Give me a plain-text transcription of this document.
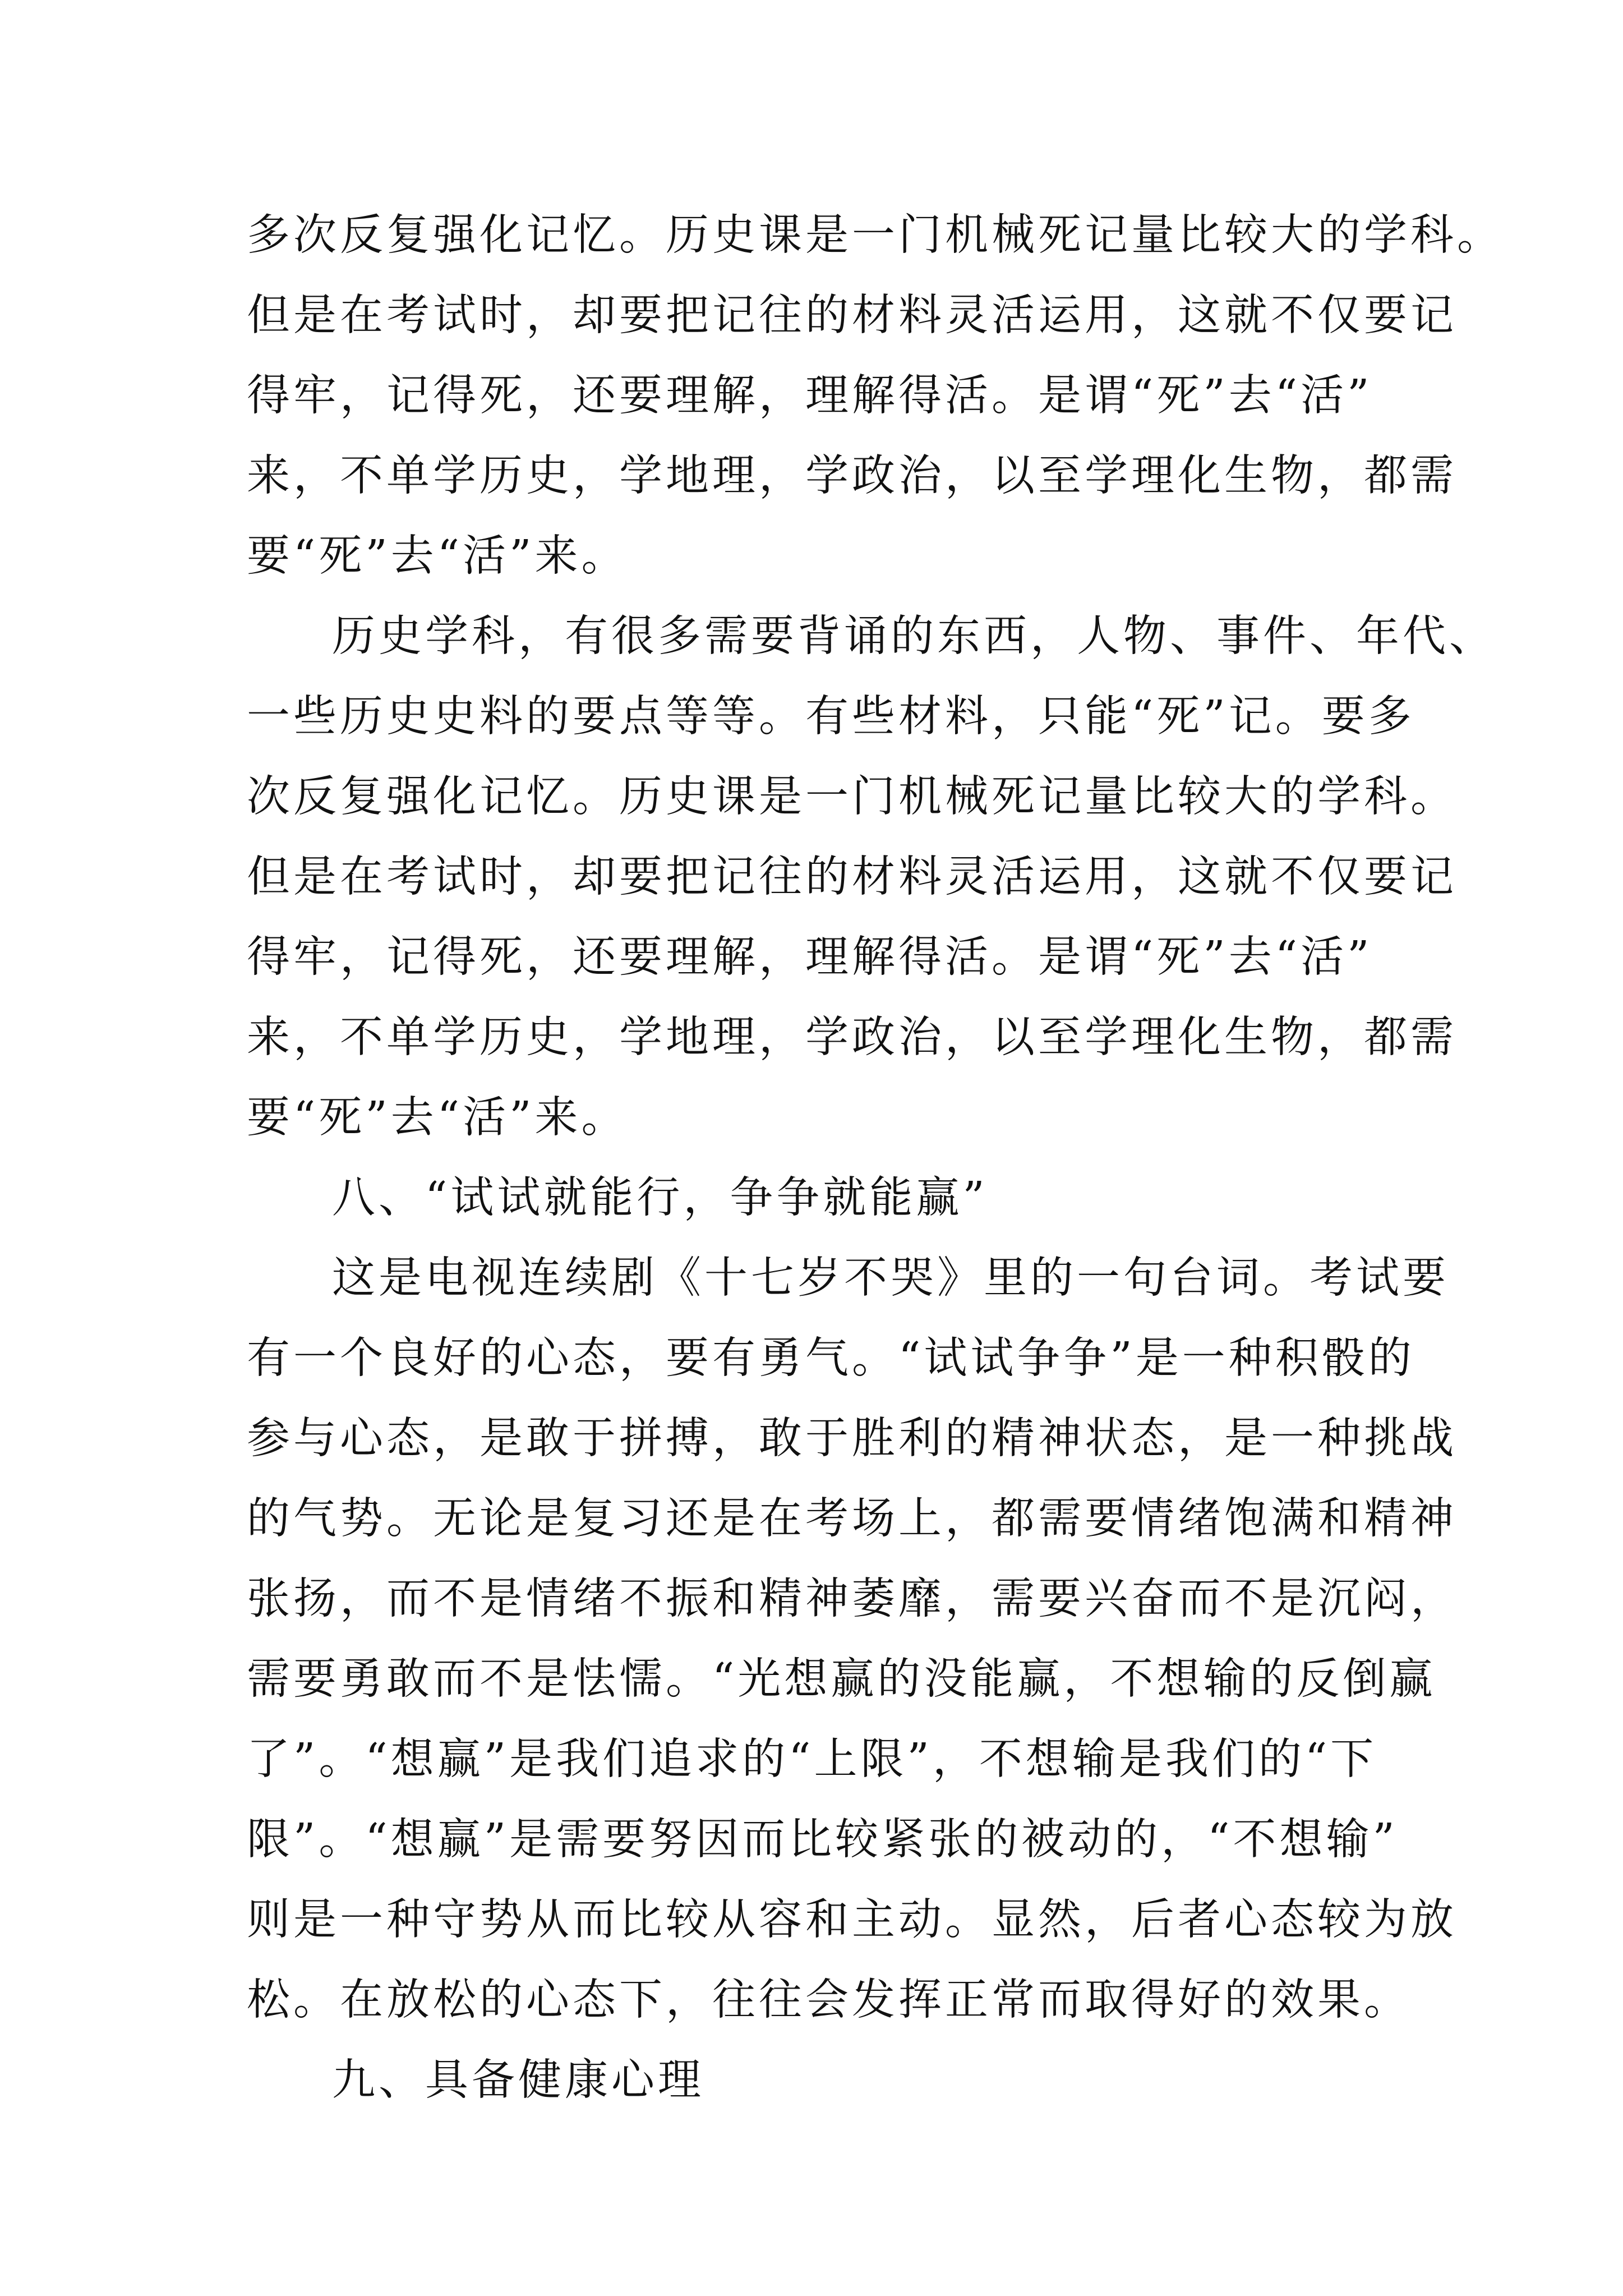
多次反复强化记忆。历史课是一门机械死记量比较大的学科。
但是在考试时，却要把记往的材料灵活运用，这就不仅要记
得牢，记得死，还要理解，理解得活。是谓“死”去“活”
来，不单学历史，学地理，学政治，以至学理化生物，都需
要“死”去“活”来。
历史学科，有很多需要背诵的东西，人物、事件、年代、
一些历史史料的要点等等。有些材料，只能“死”记。要多
次反复强化记忆。历史课是一门机械死记量比较大的学科。
但是在考试时，却要把记往的材料灵活运用，这就不仅要记
得牢，记得死，还要理解，理解得活。是谓“死”去“活”
来，不单学历史，学地理，学政治，以至学理化生物，都需
要“死”去“活”来。
八、“试试就能行，争争就能赢”
这是电视连续剧《十七岁不哭》里的一句台词。考试要
有一个良好的心态，要有勇气。“试试争争”是一种积骰的
参与心态，是敢于拼搏，敢于胜利的精神状态，是一种挑战
的气势。无论是复习还是在考场上，都需要情绪饱满和精神
张扬，而不是情绪不振和精神萎靡，需要兴奋而不是沉闷，
需要勇敢而不是怯懦。“光想赢的没能赢，不想输的反倒赢
了”。“想赢”是我们追求的“上限”，不想输是我们的“下
限”。“想赢”是需要努因而比较紧张的被动的，“不想输”
则是一种守势从而比较从容和主动。显然，后者心态较为放
松。在放松的心态下，往往会发挥正常而取得好的效果。
九、具备健康心理
